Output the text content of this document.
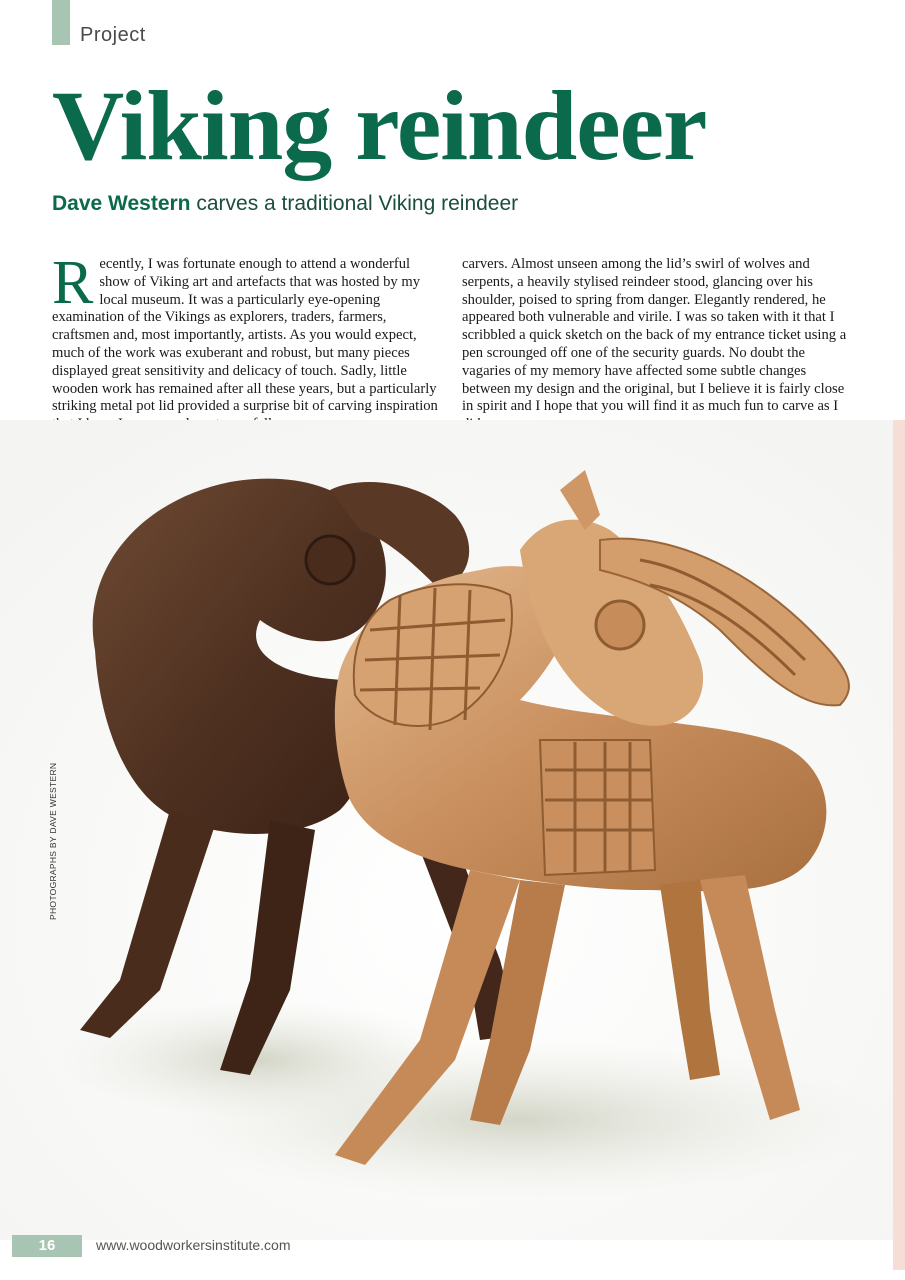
Project
Viking reindeer
Dave Western carves a traditional Viking reindeer
Recently, I was fortunate enough to attend a wonderful show of Viking art and artefacts that was hosted by my local museum. It was a particularly eye-opening examination of the Vikings as explorers, traders, farmers, craftsmen and, most importantly, artists. As you would expect, much of the work was exuberant and robust, but many pieces displayed great sensitivity and delicacy of touch. Sadly, little wooden work has remained after all these years, but a particularly striking metal pot lid provided a surprise bit of carving inspiration
carvers. Almost unseen among the lid’s swirl of wolves and serpents, a heavily stylised reindeer stood, glancing over his shoulder, poised to spring from danger. Elegantly rendered, he appeared both vulnerable and virile. I was so taken with it that I scribbled a quick sketch on the back of my entrance ticket using a pen scrounged off one of the security guards. No doubt the vagaries of my memory have affected some subtle changes between my design and the original, but I believe it is fairly close in spirit and I hope that you will find it as much fun to carve as I
PHOTOGRAPHS BY DAVE WESTERN
16	www.woodworkersinstitute.com
